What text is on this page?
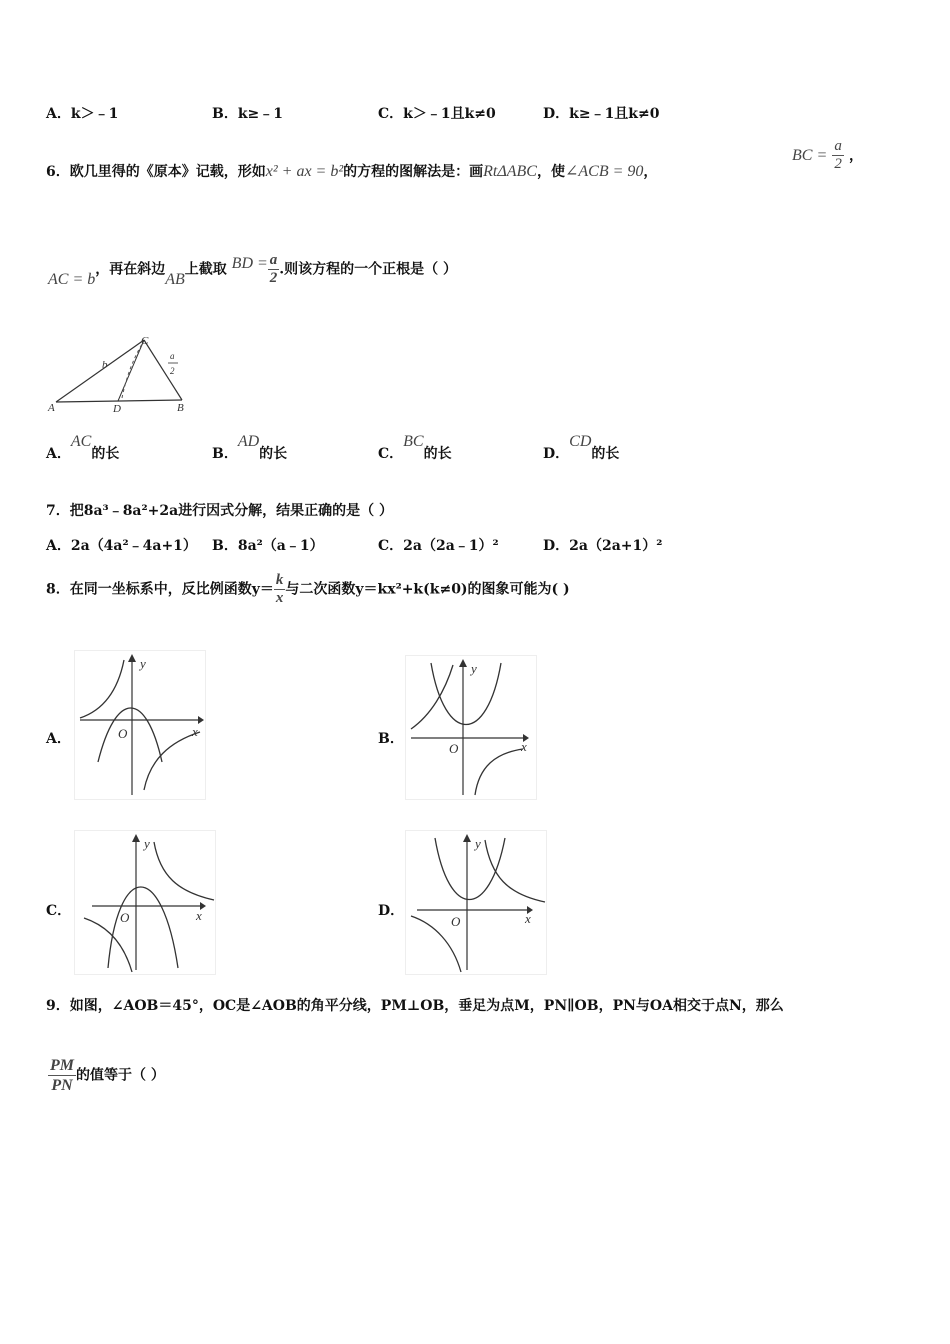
A．k＞﹣1	B．k≥﹣1	C．k＞﹣1且k≠0	D．k≥﹣1且k≠0
6．欧几里得的《原本》记载，形如x² + ax = b²的方程的图解法是：画RtΔABC，使∠ACB = 90，
BC = $\frac{a}{2}$ ，
AC = b，再在斜边AB上截取 BD = $\frac{a}{2}$ .则该方程的一个正根是（ ）
A	D	B
C
b
a
2
A．AC的长	B．AD的长	C．BC的长	D．CD的长
7．把8a³﹣8a²+2a进行因式分解，结果正确的是（ ）
A．2a（4a²﹣4a+1） B．8a²（a﹣1）	C．2a（2a﹣1）²	D．2a（2a+1）²
8．在同一坐标系中，反比例函数$y= \frac{k}{x}$ 与二次函数y＝kx²+k(k≠0)的图象可能为( )
A．
y
x
O	B．
y
x
O
C．
y
x
O	D．
y
x
O
9．如图，∠AOB＝45°，OC是∠AOB的角平分线，PM⊥OB，垂足为点M，PN∥OB，PN与OA相交于点N，那么
$\frac{PM}{PN}$ 的值等于（ ）
